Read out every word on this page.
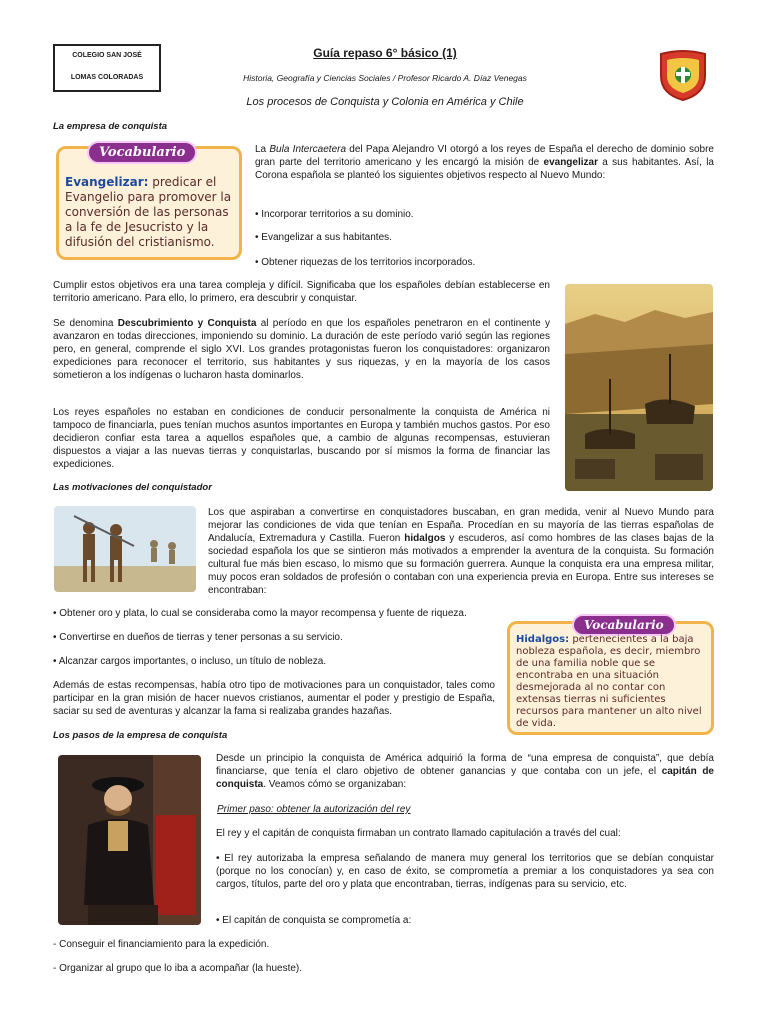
COLEGIO SAN JOSÉ
LOMAS COLORADAS
Guía repaso 6° básico (1)
Historia, Geografía y Ciencias Sociales / Profesor Ricardo A. Díaz Venegas
Los procesos de Conquista y Colonia en América y Chile
La empresa de conquista
Vocabulario
Evangelizar: predicar el Evangelio para promover la conversión de las personas a la fe de Jesucristo y la difusión del cristianismo.
La Bula Intercaetera del Papa Alejandro VI otorgó a los reyes de España el derecho de dominio sobre gran parte del territorio americano y les encargó la misión de evangelizar a sus habitantes. Así, la Corona española se planteó los siguientes objetivos respecto al Nuevo Mundo:
• Incorporar territorios a su dominio.
• Evangelizar a sus habitantes.
• Obtener riquezas de los territorios incorporados.
Cumplir estos objetivos era una tarea compleja y difícil. Significaba que los españoles debían establecerse en territorio americano. Para ello, lo primero, era descubrir y conquistar.
Se denomina Descubrimiento y Conquista al período en que los españoles penetraron en el continente y avanzaron en todas direcciones, imponiendo su dominio. La duración de este período varió según las regiones pero, en general, comprende el siglo XVI. Los grandes protagonistas fueron los conquistadores: organizaron expediciones para reconocer el territorio, sus habitantes y sus riquezas, y en la mayoría de los casos sometieron a los indígenas o lucharon hasta dominarlos.
Los reyes españoles no estaban en condiciones de conducir personalmente la conquista de América ni tampoco de financiarla, pues tenían muchos asuntos importantes en Europa y también muchos gastos. Por eso decidieron confiar esta tarea a aquellos españoles que, a cambio de algunas recompensas, estuvieran dispuestos a viajar a las nuevas tierras y conquistarlas, buscando por sí mismos la forma de financiar las expediciones.
Las motivaciones del conquistador
Los que aspiraban a convertirse en conquistadores buscaban, en gran medida, venir al Nuevo Mundo para mejorar las condiciones de vida que tenían en España. Procedían en su mayoría de las tierras españolas de Andalucía, Extremadura y Castilla. Fueron hidalgos y escuderos, así como hombres de las clases bajas de la sociedad española los que se sintieron más motivados a emprender la aventura de la conquista. Su formación cultural fue más bien escaso, lo mismo que su formación guerrera. Aunque la conquista era una empresa militar, muy pocos eran soldados de profesión o contaban con una experiencia previa en Europa. Entre sus intereses se encontraban:
• Obtener oro y plata, lo cual se consideraba como la mayor recompensa y fuente de riqueza.
• Convertirse en dueños de tierras y tener personas a su servicio.
• Alcanzar cargos importantes, o incluso, un título de nobleza.
Además de estas recompensas, había otro tipo de motivaciones para un conquistador, tales como participar en la gran misión de hacer nuevos cristianos, aumentar el poder y prestigio de España, saciar su sed de aventuras y alcanzar la fama si realizaba grandes hazañas.
Vocabulario
Hidalgos: pertenecientes a la baja nobleza española, es decir, miembro de una familia noble que se encontraba en una situación desmejorada al no contar con extensas tierras ni suficientes recursos para mantener un alto nivel de vida.
Los pasos de la empresa de conquista
Desde un principio la conquista de América adquirió la forma de “una empresa de conquista”, que debía financiarse, que tenía el claro objetivo de obtener ganancias y que contaba con un jefe, el capitán de conquista. Veamos cómo se organizaban:
Primer paso: obtener la autorización del rey
El rey y el capitán de conquista firmaban un contrato llamado capitulación a través del cual:
• El rey autorizaba la empresa señalando de manera muy general los territorios que se debían conquistar (porque no los conocían) y, en caso de éxito, se comprometía a premiar a los conquistadores ya sea con cargos, títulos, parte del oro y plata que encontraban, tierras, indígenas para su servicio, etc.
• El capitán de conquista se comprometía a:
- Conseguir el financiamiento para la expedición.
- Organizar al grupo que lo iba a acompañar (la hueste).
